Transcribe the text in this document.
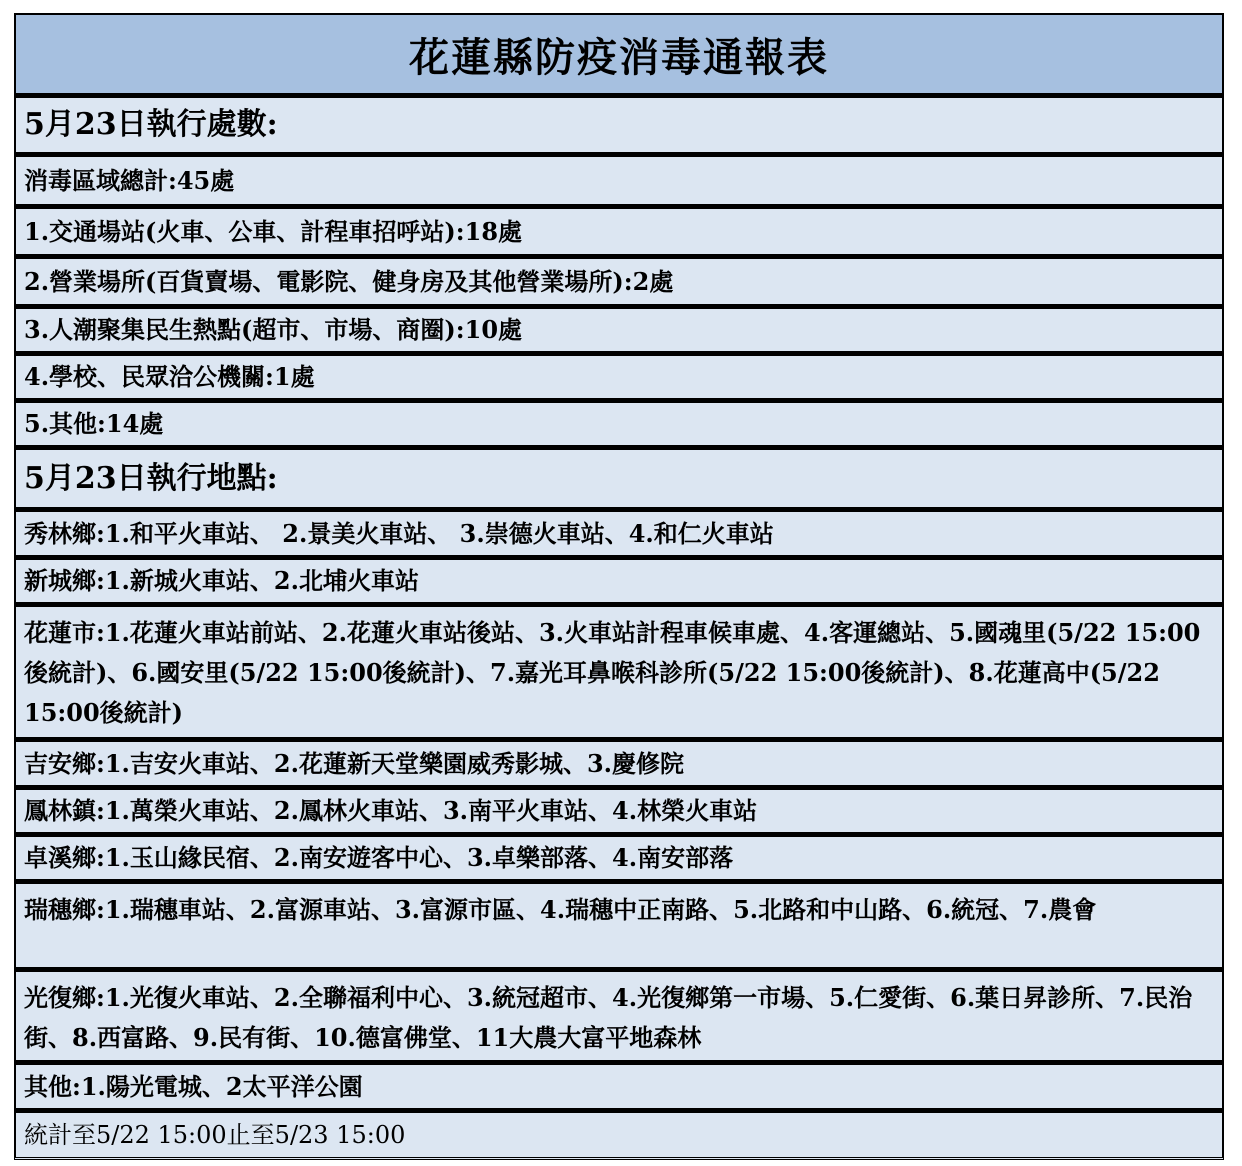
花蓮縣防疫消毒通報表
5月23日執行處數:
消毒區域總計:45處
1.交通場站(火車、公車、計程車招呼站):18處
2.營業場所(百貨賣場、電影院、健身房及其他營業場所):2處
3.人潮聚集民生熱點(超市、市場、商圈):10處
4.學校、民眾洽公機關:1處
5.其他:14處
5月23日執行地點:
秀林鄉:1.和平火車站、 2.景美火車站、 3.崇德火車站、4.和仁火車站
新城鄉:1.新城火車站、2.北埔火車站
花蓮市:1.花蓮火車站前站、2.花蓮火車站後站、3.火車站計程車候車處、4.客運總站、5.國魂里(5/22 15:00後統計)、6.國安里(5/22 15:00後統計)、7.嘉光耳鼻喉科診所(5/22 15:00後統計)、8.花蓮高中(5/22 15:00後統計)
吉安鄉:1.吉安火車站、2.花蓮新天堂樂園威秀影城、3.慶修院
鳳林鎮:1.萬榮火車站、2.鳳林火車站、3.南平火車站、4.林榮火車站
卓溪鄉:1.玉山緣民宿、2.南安遊客中心、3.卓樂部落、4.南安部落
瑞穗鄉:1.瑞穗車站、2.富源車站、3.富源市區、4.瑞穗中正南路、5.北路和中山路、6.統冠、7.農會
光復鄉:1.光復火車站、2.全聯福利中心、3.統冠超市、4.光復鄉第一市場、5.仁愛街、6.葉日昇診所、7.民治街、8.西富路、9.民有街、10.德富佛堂、11大農大富平地森林
其他:1.陽光電城、2太平洋公園
統計至5/22 15:00止至5/23 15:00
